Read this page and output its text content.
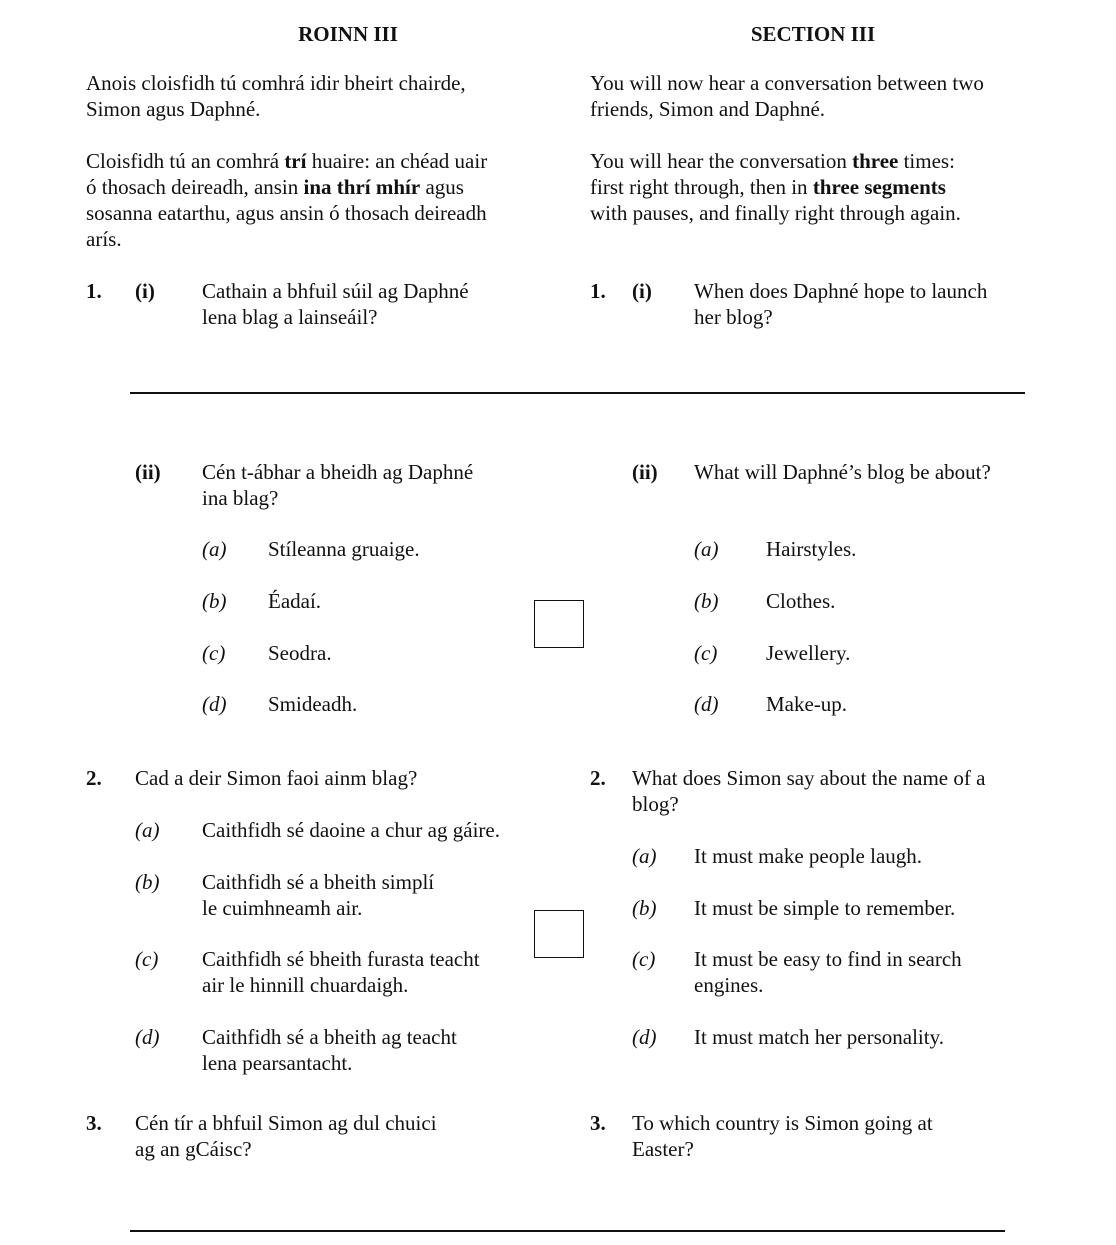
ROINN III	SECTION III
Anois cloisfidh tú comhrá idir bheirt chairde,
Simon agus Daphné.
You will now hear a conversation between two
friends, Simon and Daphné.
Cloisfidh tú an comhrá trí huaire: an chéad uair
ó thosach deireadh, ansin ina thrí mhír agus
sosanna eatarthu, agus ansin ó thosach deireadh
arís.
You will hear the conversation three times:
first right through, then in three segments
with pauses, and finally right through again.
1. (i) Cathain a bhfuil súil ag Daphné
lena blag a lainseáil?
1. (i) When does Daphné hope to launch
her blog?
(ii) Cén t-ábhar a bheidh ag Daphné
ina blag?
(ii) What will Daphné’s blog be about?
(a) Stíleanna gruaige.
(b) Éadaí.
(c) Seodra.
(d) Smideadh.
(a) Hairstyles.
(b) Clothes.
(c) Jewellery.
(d) Make-up.
2. Cad a deir Simon faoi ainm blag?	2. What does Simon say about the name of a
blog?
(a) Caithfidh sé daoine a chur ag gáire.
(b) Caithfidh sé a bheith simplí
le cuimhneamh air.
(c) Caithfidh sé bheith furasta teacht
air le hinnill chuardaigh.
(d) Caithfidh sé a bheith ag teacht
lena pearsantacht.
(a) It must make people laugh.
(b) It must be simple to remember.
(c) It must be easy to find in search
engines.
(d) It must match her personality.
3. Cén tír a bhfuil Simon ag dul chuici
ag an gCáisc?
3. To which country is Simon going at
Easter?
